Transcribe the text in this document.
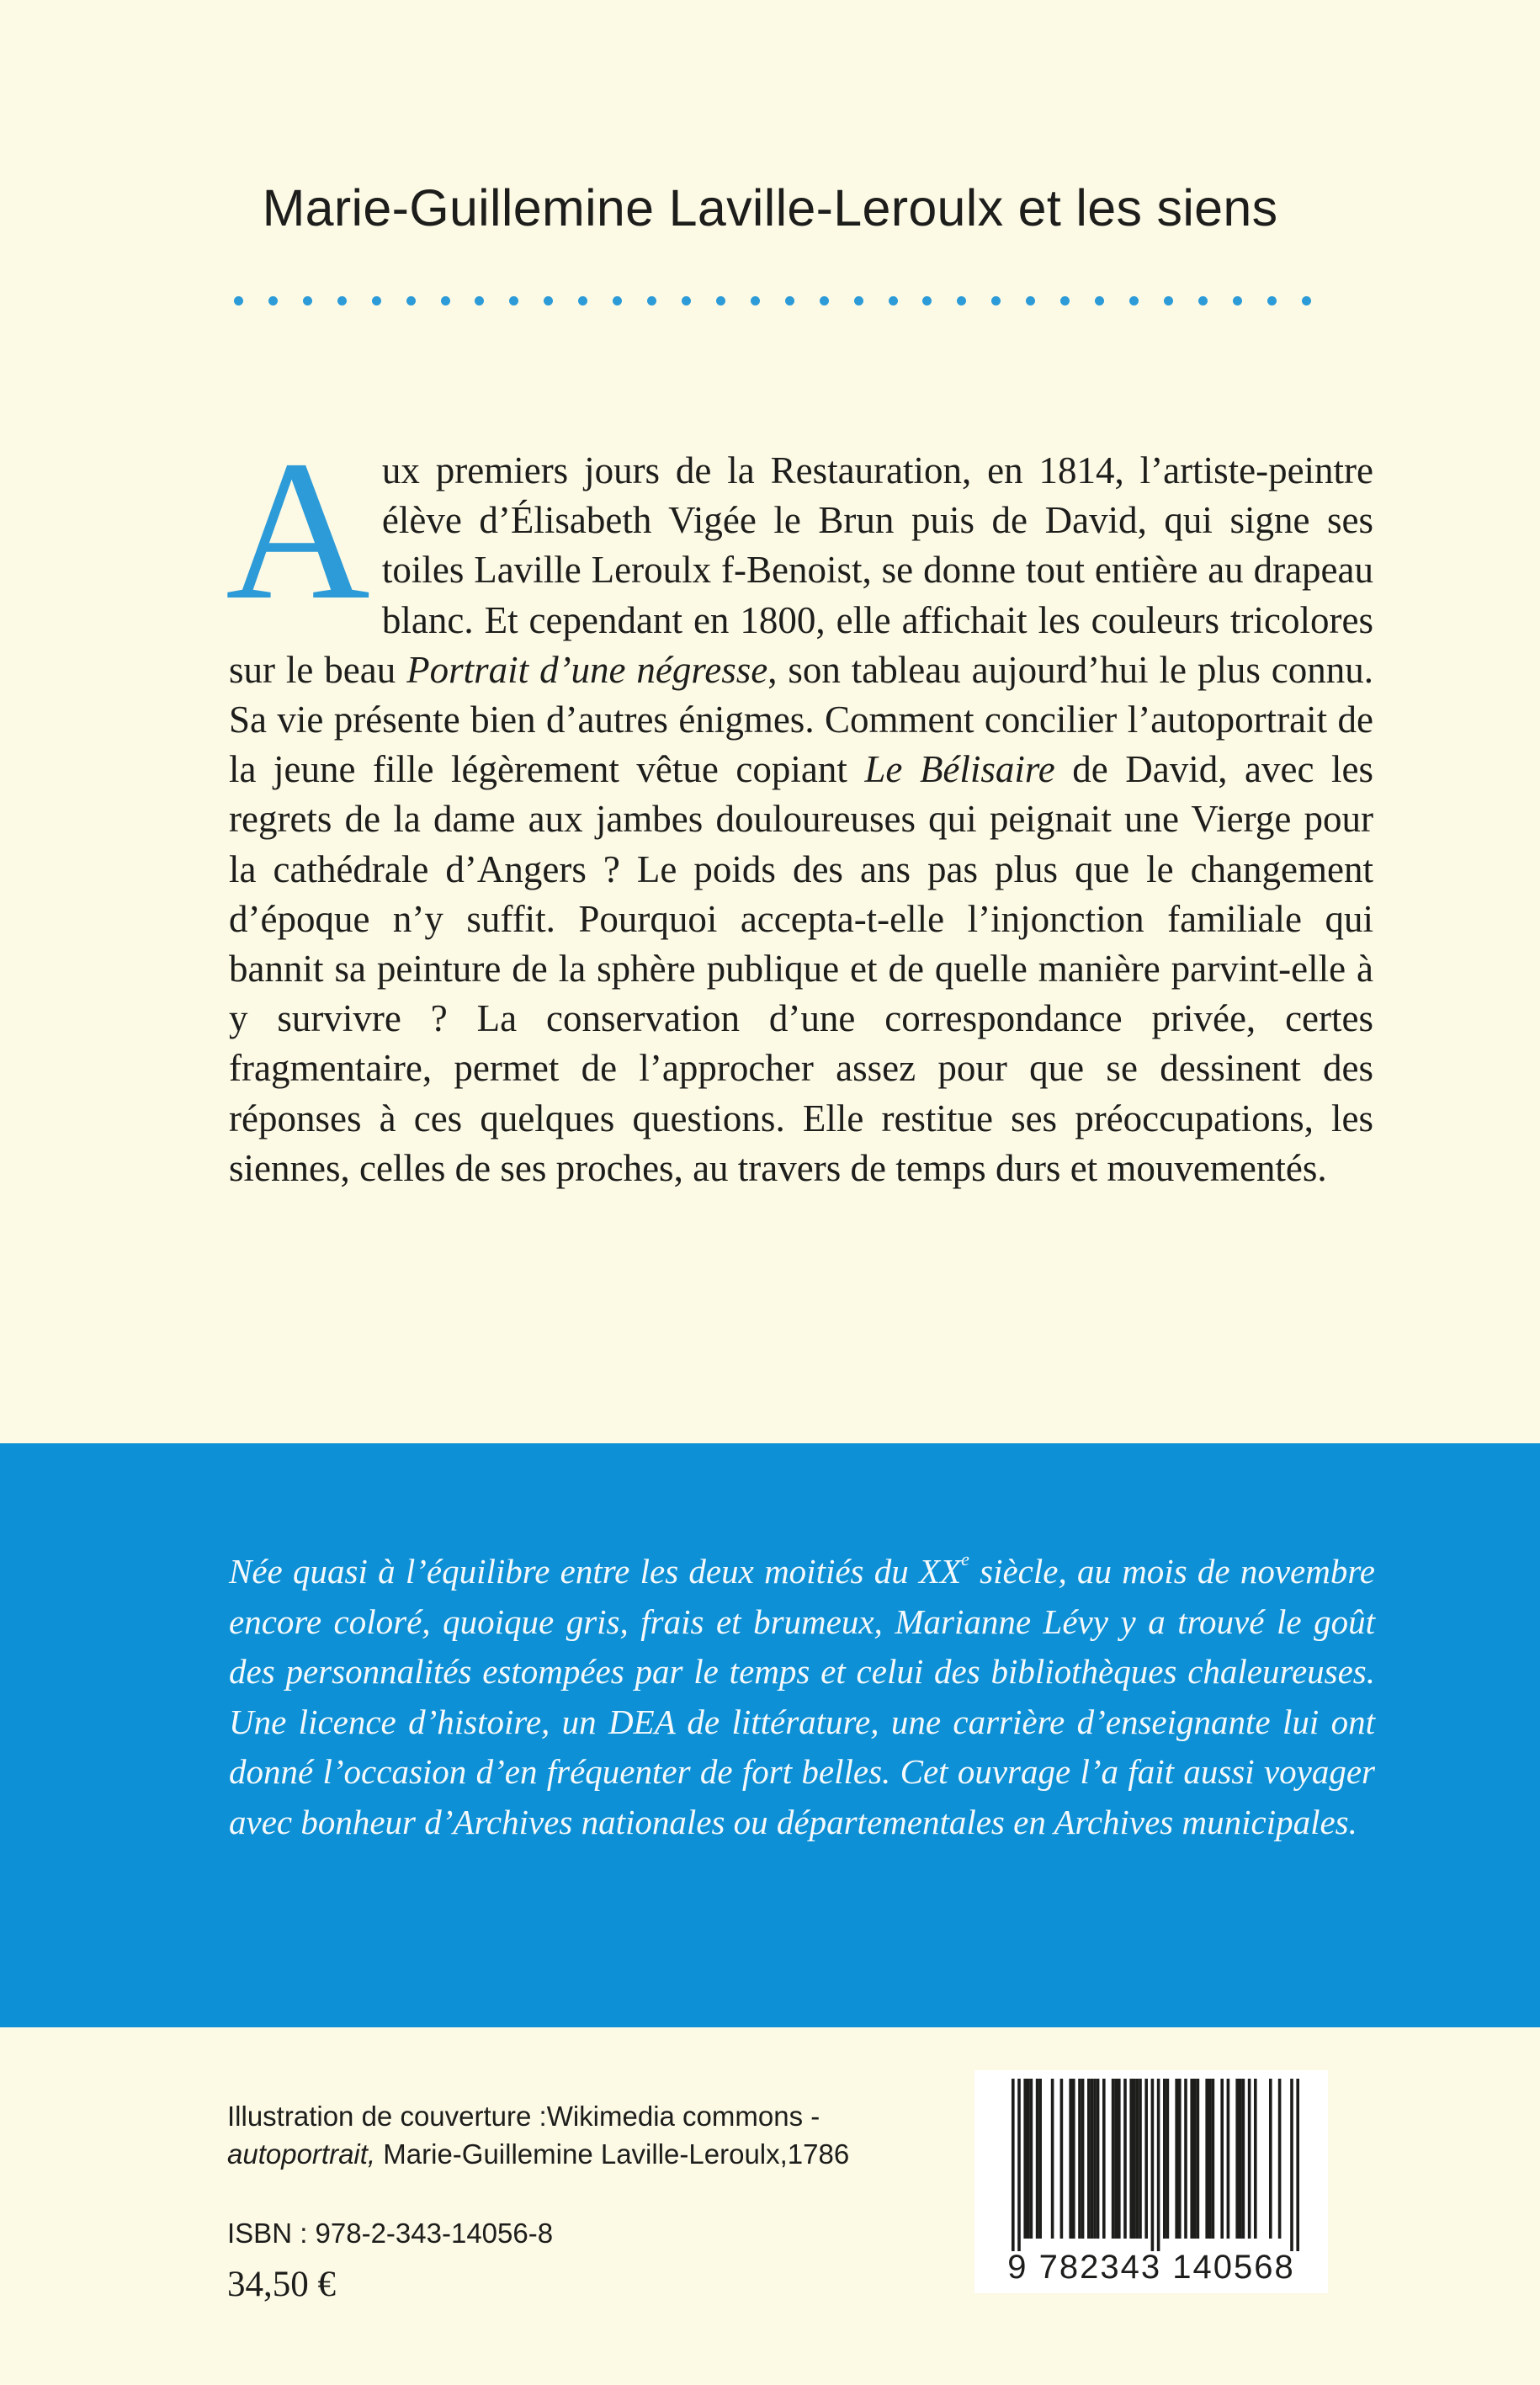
Marie-Guillemine Laville-Leroulx et les siens

Aux premiers jours de la Restauration, en 1814, l’artiste-peintre élève d’Élisabeth Vigée le Brun puis de David, qui signe ses toiles Laville Leroulx f-Benoist, se donne tout entière au drapeau blanc. Et cependant en 1800, elle affichait les couleurs tricolores sur le beau Portrait d’une négresse, son tableau aujourd’hui le plus connu. Sa vie présente bien d’autres énigmes. Comment concilier l’autoportrait de la jeune fille légèrement vêtue copiant Le Bélisaire de David, avec les regrets de la dame aux jambes douloureuses qui peignait une Vierge pour la cathédrale d’Angers ? Le poids des ans pas plus que le changement d’époque n’y suffit. Pourquoi accepta-t-elle l’injonction familiale qui bannit sa peinture de la sphère publique et de quelle manière parvint-elle à y survivre ? La conservation d’une correspondance privée, certes fragmentaire, permet de l’approcher assez pour que se dessinent des réponses à ces quelques questions. Elle restitue ses préoccupations, les siennes, celles de ses proches, au travers de temps durs et mouvementés.

Née quasi à l’équilibre entre les deux moitiés du XXe siècle, au mois de novembre encore coloré, quoique gris, frais et brumeux, Marianne Lévy y a trouvé le goût des personnalités estompées par le temps et celui des bibliothèques chaleureuses. Une licence d’histoire, un DEA de littérature, une carrière d’enseignante lui ont donné l’occasion d’en fréquenter de fort belles. Cet ouvrage l’a fait aussi voyager avec bonheur d’Archives nationales ou départementales en Archives municipales.

Illustration de couverture :Wikimedia commons -
autoportrait, Marie-Guillemine Laville-Leroulx,1786
ISBN : 978-2-343-14056-8
34,50 €	9 782343 140568
